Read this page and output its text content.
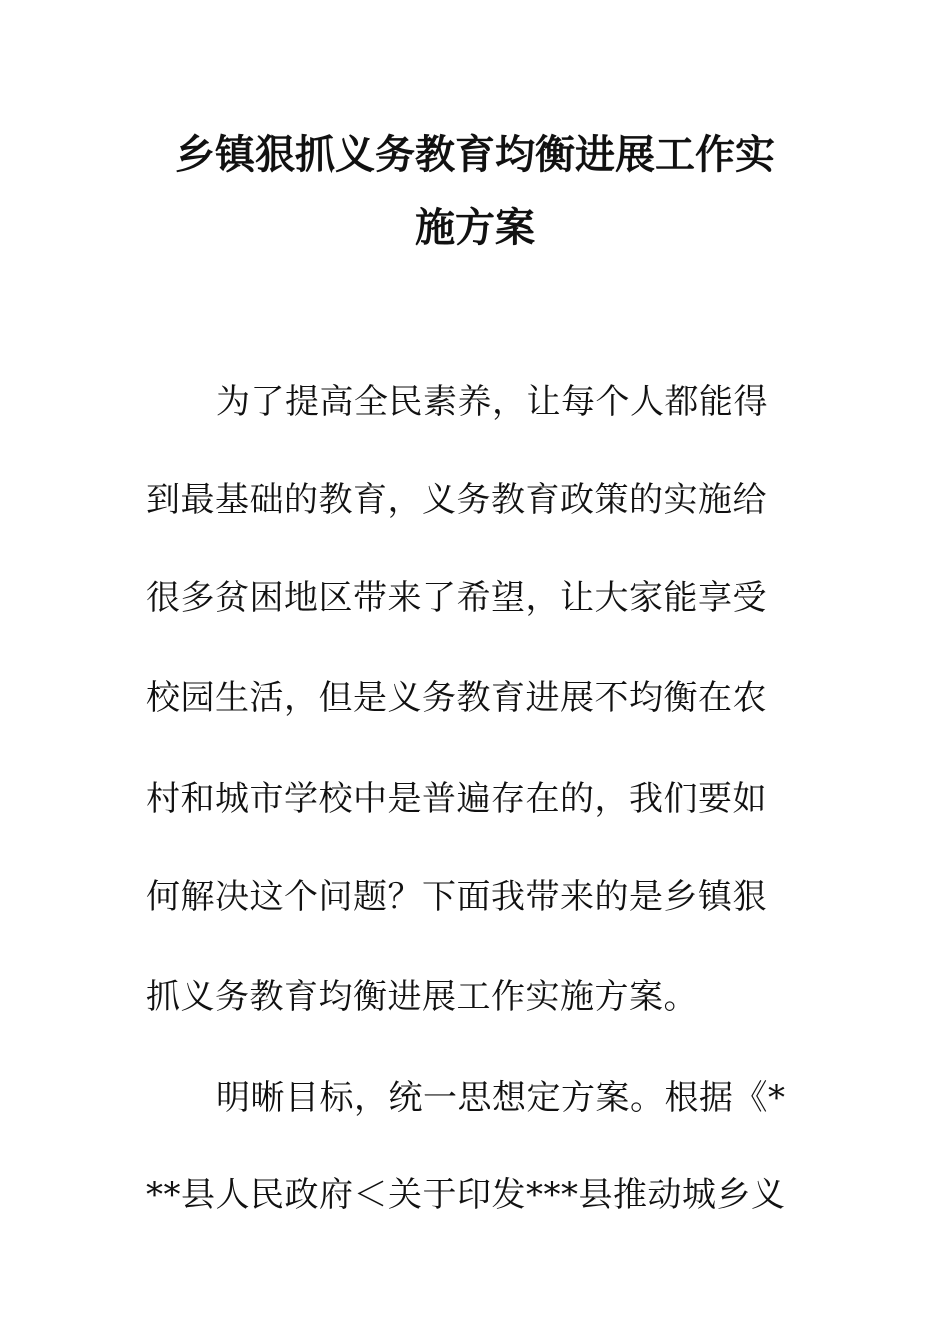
乡镇狠抓义务教育均衡进展工作实
施方案
为了提高全民素养，让每个人都能得
到最基础的教育，义务教育政策的实施给
很多贫困地区带来了希望，让大家能享受
校园生活，但是义务教育进展不均衡在农
村和城市学校中是普遍存在的，我们要如
何解决这个问题？下面我带来的是乡镇狠
抓义务教育均衡进展工作实施方案。
明晰目标，统一思想定方案。根据《*
**县人民政府＜关于印发***县推动城乡义
